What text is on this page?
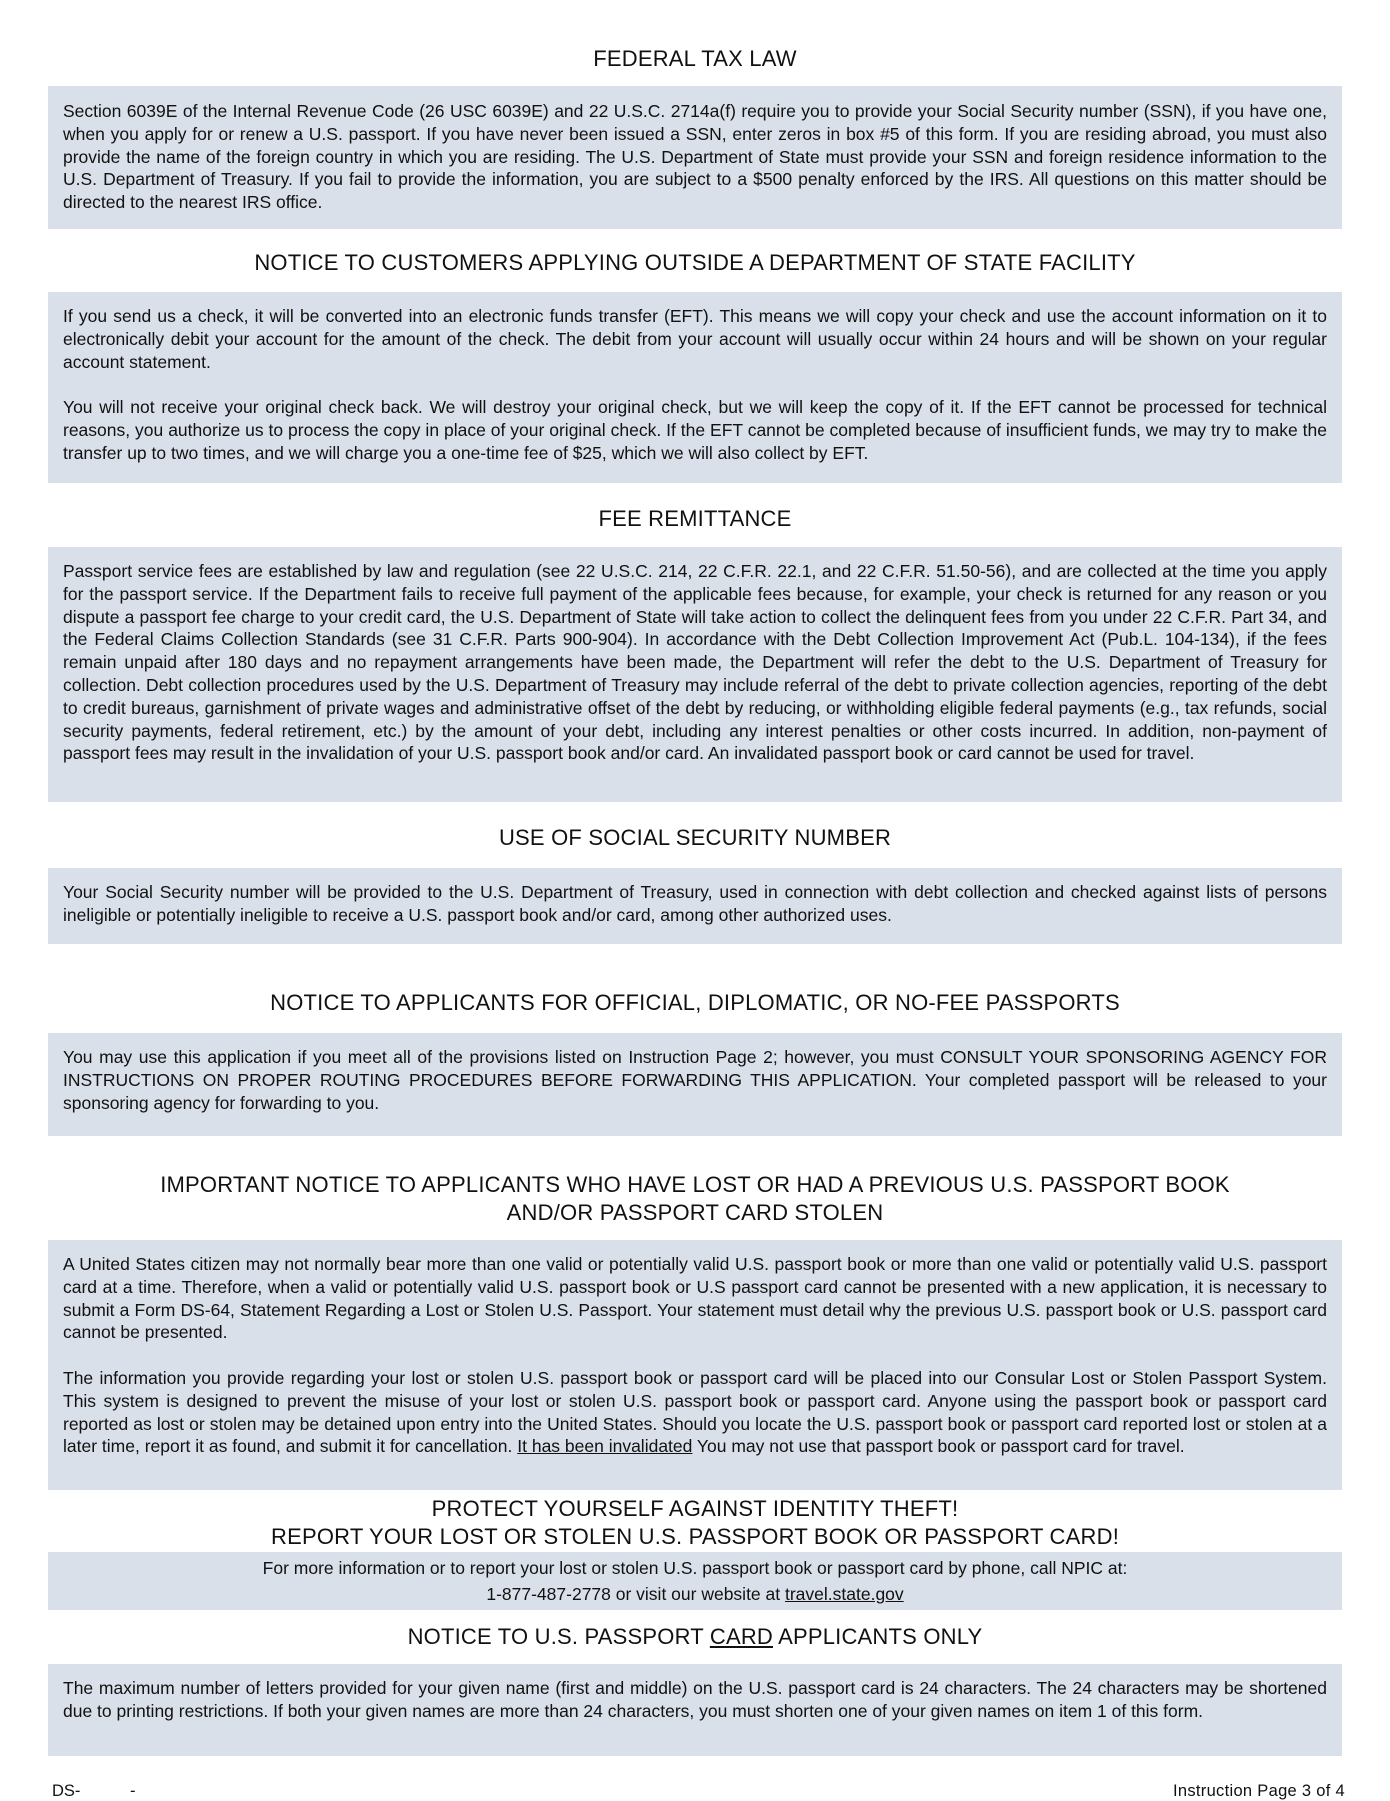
FEDERAL TAX LAW

Section 6039E of the Internal Revenue Code (26 USC 6039E) and 22 U.S.C. 2714a(f) require you to provide your Social Security number (SSN), if you have one, when you apply for or renew a U.S. passport. If you have never been issued a SSN, enter zeros in box #5 of this form. If you are residing abroad, you must also provide the name of the foreign country in which you are residing. The U.S. Department of State must provide your SSN and foreign residence information to the U.S. Department of Treasury. If you fail to provide the information, you are subject to a $500 penalty enforced by the IRS. All questions on this matter should be directed to the nearest IRS office.

NOTICE TO CUSTOMERS APPLYING OUTSIDE A DEPARTMENT OF STATE FACILITY

If you send us a check, it will be converted into an electronic funds transfer (EFT). This means we will copy your check and use the account information on it to electronically debit your account for the amount of the check. The debit from your account will usually occur within 24 hours and will be shown on your regular account statement.

You will not receive your original check back. We will destroy your original check, but we will keep the copy of it. If the EFT cannot be processed for technical reasons, you authorize us to process the copy in place of your original check. If the EFT cannot be completed because of insufficient funds, we may try to make the transfer up to two times, and we will charge you a one-time fee of $25, which we will also collect by EFT.

FEE REMITTANCE

Passport service fees are established by law and regulation (see 22 U.S.C. 214, 22 C.F.R. 22.1, and 22 C.F.R. 51.50-56), and are collected at the time you apply for the passport service. If the Department fails to receive full payment of the applicable fees because, for example, your check is returned for any reason or you dispute a passport fee charge to your credit card, the U.S. Department of State will take action to collect the delinquent fees from you under 22 C.F.R. Part 34, and the Federal Claims Collection Standards (see 31 C.F.R. Parts 900-904). In accordance with the Debt Collection Improvement Act (Pub.L. 104-134), if the fees remain unpaid after 180 days and no repayment arrangements have been made, the Department will refer the debt to the U.S. Department of Treasury for collection. Debt collection procedures used by the U.S. Department of Treasury may include referral of the debt to private collection agencies, reporting of the debt to credit bureaus, garnishment of private wages and administrative offset of the debt by reducing, or withholding eligible federal payments (e.g., tax refunds, social security payments, federal retirement, etc.) by the amount of your debt, including any interest penalties or other costs incurred. In addition, non-payment of passport fees may result in the invalidation of your U.S. passport book and/or card. An invalidated passport book or card cannot be used for travel.

USE OF SOCIAL SECURITY NUMBER

Your Social Security number will be provided to the U.S. Department of Treasury, used in connection with debt collection and checked against lists of persons ineligible or potentially ineligible to receive a U.S. passport book and/or card, among other authorized uses.

NOTICE TO APPLICANTS FOR OFFICIAL, DIPLOMATIC, OR NO-FEE PASSPORTS

You may use this application if you meet all of the provisions listed on Instruction Page 2; however, you must CONSULT YOUR SPONSORING AGENCY FOR INSTRUCTIONS ON PROPER ROUTING PROCEDURES BEFORE FORWARDING THIS APPLICATION. Your completed passport will be released to your sponsoring agency for forwarding to you.

IMPORTANT NOTICE TO APPLICANTS WHO HAVE LOST OR HAD A PREVIOUS U.S. PASSPORT BOOK
AND/OR PASSPORT CARD STOLEN

A United States citizen may not normally bear more than one valid or potentially valid U.S. passport book or more than one valid or potentially valid U.S. passport card at a time. Therefore, when a valid or potentially valid U.S. passport book or U.S passport card cannot be presented with a new application, it is necessary to submit a Form DS-64, Statement Regarding a Lost or Stolen U.S. Passport. Your statement must detail why the previous U.S. passport book or U.S. passport card cannot be presented.

The information you provide regarding your lost or stolen U.S. passport book or passport card will be placed into our Consular Lost or Stolen Passport System. This system is designed to prevent the misuse of your lost or stolen U.S. passport book or passport card. Anyone using the passport book or passport card reported as lost or stolen may be detained upon entry into the United States. Should you locate the U.S. passport book or passport card reported lost or stolen at a later time, report it as found, and submit it for cancellation. It has been invalidated You may not use that passport book or passport card for travel.

PROTECT YOURSELF AGAINST IDENTITY THEFT!
REPORT YOUR LOST OR STOLEN U.S. PASSPORT BOOK OR PASSPORT CARD!

For more information or to report your lost or stolen U.S. passport book or passport card by phone, call NPIC at:

1-877-487-2778 or visit our website at travel.state.gov

NOTICE TO U.S. PASSPORT CARD APPLICANTS ONLY

The maximum number of letters provided for your given name (first and middle) on the U.S. passport card is 24 characters. The 24 characters may be shortened due to printing restrictions. If both your given names are more than 24 characters, you must shorten one of your given names on item 1 of this form.

DS-	-	Instruction Page 3 of 4
